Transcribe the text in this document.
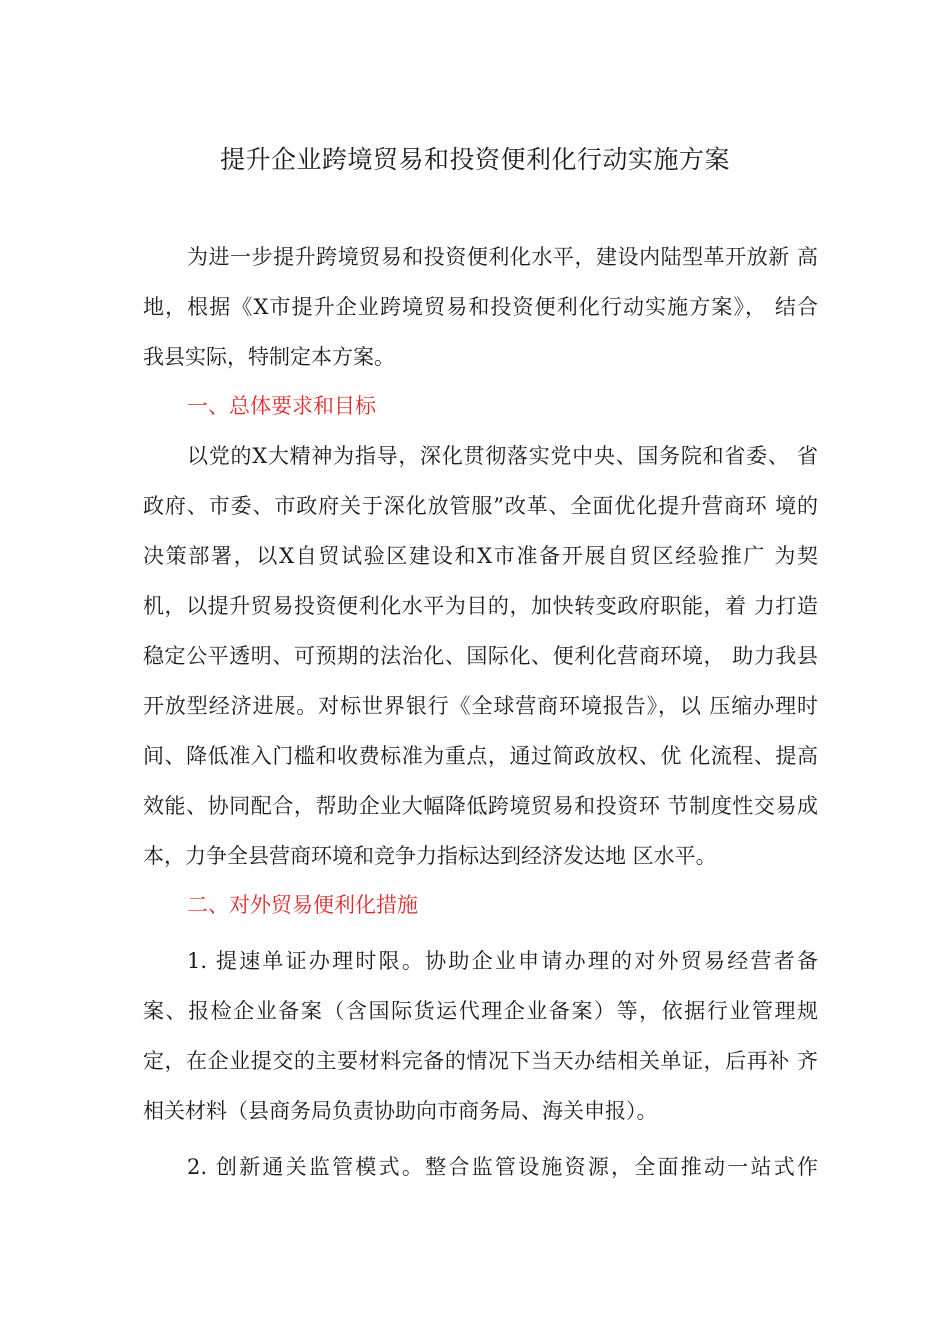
提升企业跨境贸易和投资便利化行动实施方案
为进一步提升跨境贸易和投资便利化水平，建设内陆型革开放新 高
地，根据《X市提升企业跨境贸易和投资便利化行动实施方案》， 结合
我县实际，特制定本方案。
一、总体要求和目标
以党的X大精神为指导，深化贯彻落实党中央、国务院和省委、 省
政府、市委、市政府关于深化放管服”改革、全面优化提升营商环 境的
决策部署，以X自贸试验区建设和X市准备开展自贸区经验推广 为契
机，以提升贸易投资便利化水平为目的，加快转变政府职能，着 力打造
稳定公平透明、可预期的法治化、国际化、便利化营商环境， 助力我县
开放型经济进展。对标世界银行《全球营商环境报告》，以 压缩办理时
间、降低准入门槛和收费标准为重点，通过简政放权、优 化流程、提高
效能、协同配合，帮助企业大幅降低跨境贸易和投资环 节制度性交易成
本，力争全县营商环境和竞争力指标达到经济发达地 区水平。
二、对外贸易便利化措施
1. 提速单证办理时限。协助企业申请办理的对外贸易经营者备
案、报检企业备案（含国际货运代理企业备案）等，依据行业管理规
定，在企业提交的主要材料完备的情况下当天办结相关单证，后再补 齐
相关材料（县商务局负责协助向市商务局、海关申报）。
2. 创新通关监管模式。整合监管设施资源，全面推动一站式作
